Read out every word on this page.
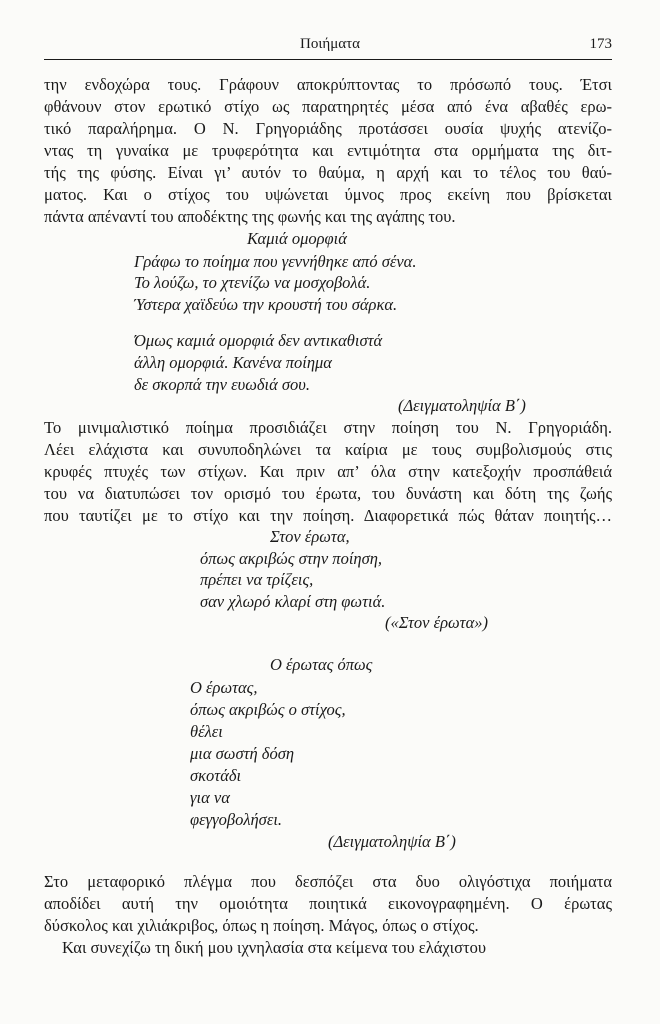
Ποιήματα	173
την ενδοχώρα τους. Γράφουν αποκρύπτοντας το πρόσωπό τους. Έτσι
φθάνουν στον ερωτικό στίχο ως παρατηρητές μέσα από ένα αβαθές ερω-
τικό παραλήρημα. Ο Ν. Γρηγοριάδης προτάσσει ουσία ψυχής ατενίζο-
ντας τη γυναίκα με τρυφερότητα και εντιμότητα στα ορμήματα της διτ-
τής της φύσης. Είναι γι’ αυτόν το θαύμα, η αρχή και το τέλος του θαύ-
ματος. Και ο στίχος του υψώνεται ύμνος προς εκείνη που βρίσκεται
πάντα απέναντί του αποδέκτης της φωνής και της αγάπης του.
Καμιά ομορφιά
Γράφω το ποίημα που γεννήθηκε από σένα.
Το λούζω, το χτενίζω να μοσχοβολά.
Ύστερα χαϊδεύω την κρουστή του σάρκα.
Όμως καμιά ομορφιά δεν αντικαθιστά
άλλη ομορφιά. Κανένα ποίημα
δε σκορπά την ευωδιά σου.
(Δειγματοληψία Β΄)
Το μινιμαλιστικό ποίημα προσιδιάζει στην ποίηση του Ν. Γρηγοριάδη.
Λέει ελάχιστα και συνυποδηλώνει τα καίρια με τους συμβολισμούς στις
κρυφές πτυχές των στίχων. Και πριν απ’ όλα στην κατεξοχήν προσπάθειά
του να διατυπώσει τον ορισμό του έρωτα, του δυνάστη και δότη της ζωής
που ταυτίζει με το στίχο και την ποίηση. Διαφορετικά πώς θάταν ποιητής…
Στον έρωτα,
όπως ακριβώς στην ποίηση,
πρέπει να τρίζεις,
σαν χλωρό κλαρί στη φωτιά.
(«Στον έρωτα»)
Ο έρωτας όπως
Ο έρωτας,
όπως ακριβώς ο στίχος,
θέλει
μια σωστή δόση
σκοτάδι
για να
φεγγοβολήσει.
(Δειγματοληψία Β΄)
Στο μεταφορικό πλέγμα που δεσπόζει στα δυο ολιγόστιχα ποιήματα
αποδίδει αυτή την ομοιότητα ποιητικά εικονογραφημένη. Ο έρωτας
δύσκολος και χιλιάκριβος, όπως η ποίηση. Μάγος, όπως ο στίχος.
Και συνεχίζω τη δική μου ιχνηλασία στα κείμενα του ελάχιστου
